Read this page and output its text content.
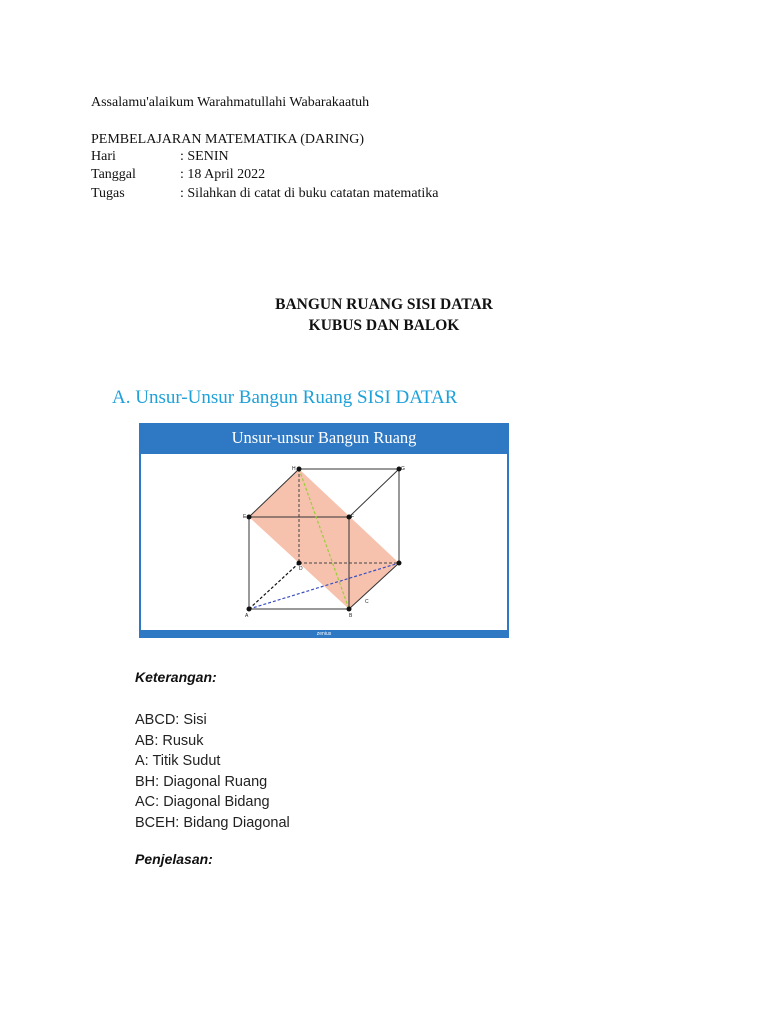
Assalamu'alaikum Warahmatullahi Wabarakaatuh
PEMBELAJARAN MATEMATIKA (DARING)
Hari	: SENIN
Tanggal	: 18 April 2022
Tugas	: Silahkan di catat di buku catatan matematika
BANGUN RUANG SISI DATAR
KUBUS DAN BALOK
A. Unsur-Unsur Bangun Ruang SISI DATAR
Unsur-unsur Bangun Ruang
A	B
C
D
E	F
G
H
zenius
Keterangan:
ABCD: Sisi
AB: Rusuk
A: Titik Sudut
BH: Diagonal Ruang
AC: Diagonal Bidang
BCEH: Bidang Diagonal
Penjelasan:
